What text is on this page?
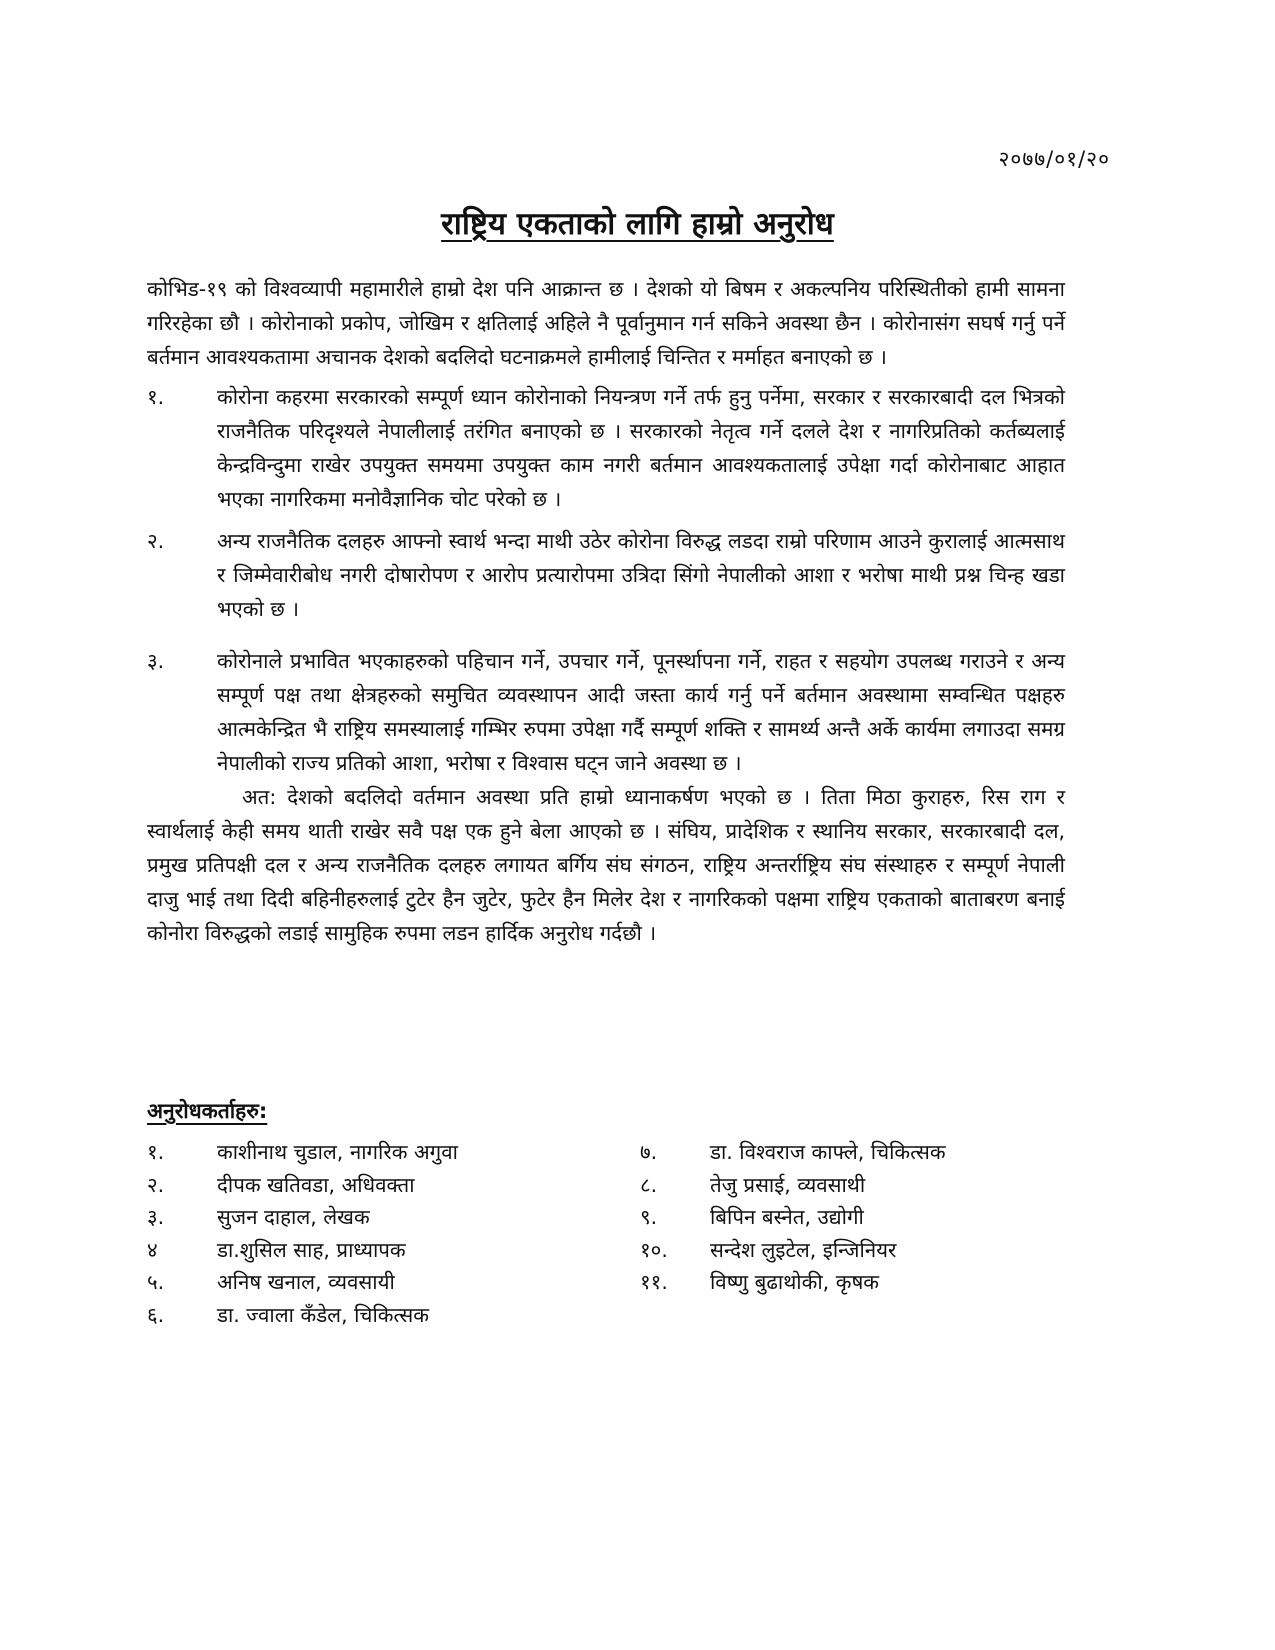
२०७७/०१/२०
राष्ट्रिय एकताको लागि हाम्रो अनुरोध

कोभिड-१९ को विश्वव्यापी महामारीले हाम्रो देश पनि आक्रान्त छ । देशको यो बिषम र अकल्पनिय परिस्थितीको हामी सामना गरिरहेका छौ । कोरोनाको प्रकोप, जोखिम र क्षतिलाई अहिले नै पूर्वानुमान गर्न सकिने अवस्था छैन । कोरोनासंग सघर्ष गर्नु पर्ने बर्तमान आवश्यकतामा अचानक देशको बदलिदो घटनाक्रमले हामीलाई चिन्तित र मर्माहत बनाएको छ ।

१.	कोरोना कहरमा सरकारको सम्पूर्ण ध्यान कोरोनाको नियन्त्रण गर्ने तर्फ हुनु पर्नेमा, सरकार र सरकारबादी दल भित्रको राजनैतिक परिदृश्यले नेपालीलाई तरंगित बनाएको छ । सरकारको नेतृत्व गर्ने दलले देश र नागरिप्रतिको कर्तब्यलाई केन्द्रविन्दुमा राखेर उपयुक्त समयमा उपयुक्त काम नगरी बर्तमान आवश्यकतालाई उपेक्षा गर्दा कोरोनाबाट आहात भएका नागरिकमा मनोवैज्ञानिक चोट परेको छ ।
२.	अन्य राजनैतिक दलहरु आफ्नो स्वार्थ भन्दा माथी उठेर कोरोना विरुद्ध लडदा राम्रो परिणाम आउने कुरालाई आत्मसाथ र जिम्मेवारीबोध नगरी दोषारोपण र आरोप प्रत्यारोपमा उत्रिदा सिंगो नेपालीको आशा र भरोषा माथी प्रश्न चिन्ह खडा भएको छ ।
३.	कोरोनाले प्रभावित भएकाहरुको पहिचान गर्ने, उपचार गर्ने, पूनर्स्थापना गर्ने, राहत र सहयोग उपलब्ध गराउने र अन्य सम्पूर्ण पक्ष तथा क्षेत्रहरुको समुचित व्यवस्थापन आदी जस्ता कार्य गर्नु पर्ने बर्तमान अवस्थामा सम्वन्धित पक्षहरु आत्मकेन्द्रित भै राष्ट्रिय समस्यालाई गम्भिर रुपमा उपेक्षा गर्दै सम्पूर्ण शक्ति र सामर्थ्य अन्तै अर्के कार्यमा लगाउदा समग्र नेपालीको राज्य प्रतिको आशा, भरोषा र विश्वास घट्न जाने अवस्था छ ।

अत: देशको बदलिदो वर्तमान अवस्था प्रति हाम्रो ध्यानाकर्षण भएको छ । तिता मिठा कुराहरु, रिस राग र स्वार्थलाई केही समय थाती राखेर सवै पक्ष एक हुने बेला आएको छ । संघिय, प्रादेशिक र स्थानिय सरकार, सरकारबादी दल, प्रमुख प्रतिपक्षी दल र अन्य राजनैतिक दलहरु लगायत बर्गिय संघ संगठन, राष्ट्रिय अन्तर्राष्ट्रिय संघ संस्थाहरु र सम्पूर्ण नेपाली दाजु भाई तथा दिदी बहिनीहरुलाई टुटेर हैन जुटेर, फुटेर हैन मिलेर देश र नागरिकको पक्षमा राष्ट्रिय एकताको बाताबरण बनाई कोनोरा विरुद्धको लडाई सामुहिक रुपमा लडन हार्दिक अनुरोध गर्दछौ ।

अनुरोधकर्ताहरु:
१.	काशीनाथ चुडाल, नागरिक अगुवा
२.	दीपक खतिवडा, अधिवक्ता
३.	सुजन दाहाल, लेखक
४	डा.शुसिल साह, प्राध्यापक
५.	अनिष खनाल, व्यवसायी
६.	डा. ज्वाला कँडेल, चिकित्सक
७.	डा. विश्वराज काफ्ले, चिकित्सक
८.	तेजु प्रसाई, व्यवसाथी
९.	बिपिन बस्नेत, उद्योगी
१०.	सन्देश लुइटेल, इन्जिनियर
११.	विष्णु बुढाथोकी, कृषक
